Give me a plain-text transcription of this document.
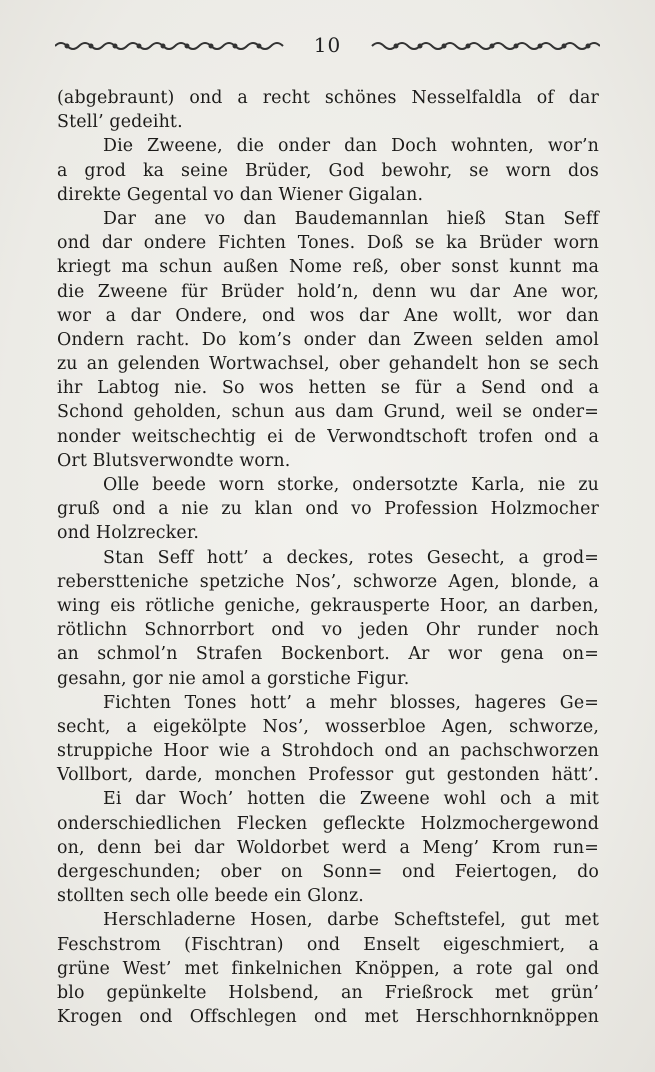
10
(abgebraunt) ond a recht schönes Nesselfaldla of dar
Stell’ gedeiht.
Die Zweene, die onder dan Doch wohnten, wor’n
a grod ka seine Brüder, God bewohr, se worn dos
direkte Gegental vo dan Wiener Gigalan.
Dar ane vo dan Baudemannlan hieß Stan Seff
ond dar ondere Fichten Tones. Doß se ka Brüder worn
kriegt ma schun außen Nome reß, ober sonst kunnt ma
die Zweene für Brüder hold’n, denn wu dar Ane wor,
wor a dar Ondere, ond wos dar Ane wollt, wor dan
Ondern racht. Do kom’s onder dan Zween selden amol
zu an gelenden Wortwachsel, ober gehandelt hon se sech
ihr Labtog nie. So wos hetten se für a Send ond a
Schond geholden, schun aus dam Grund, weil se onder=
nonder weitschechtig ei de Verwondtschoft trofen ond a
Ort Blutsverwondte worn.
Olle beede worn storke, ondersotzte Karla, nie zu
gruß ond a nie zu klan ond vo Profession Holzmocher
ond Holzrecker.
Stan Seff hott’ a deckes, rotes Gesecht, a grod=
reberstteniche spetziche Nos’, schworze Agen, blonde, a
wing eis rötliche geniche, gekrausperte Hoor, an darben,
rötlichn Schnorrbort ond vo jeden Ohr runder noch
an schmol’n Strafen Bockenbort. Ar wor gena on=
gesahn, gor nie amol a gorstiche Figur.
Fichten Tones hott’ a mehr blosses, hageres Ge=
secht, a eigekölpte Nos’, wosserbloe Agen, schworze,
struppiche Hoor wie a Strohdoch ond an pachschworzen
Vollbort, darde, monchen Professor gut gestonden hätt’.
Ei dar Woch’ hotten die Zweene wohl och a mit
onderschiedlichen Flecken gefleckte Holzmochergewond
on, denn bei dar Woldorbet werd a Meng’ Krom run=
dergeschunden; ober on Sonn= ond Feiertogen, do
stollten sech olle beede ein Glonz.
Herschladerne Hosen, darbe Scheftstefel, gut met
Feschstrom (Fischtran) ond Enselt eigeschmiert, a
grüne West’ met finkelnichen Knöppen, a rote gal ond
blo gepünkelte Holsbend, an Frießrock met grün’
Krogen ond Offschlegen ond met Herschhornknöppen
